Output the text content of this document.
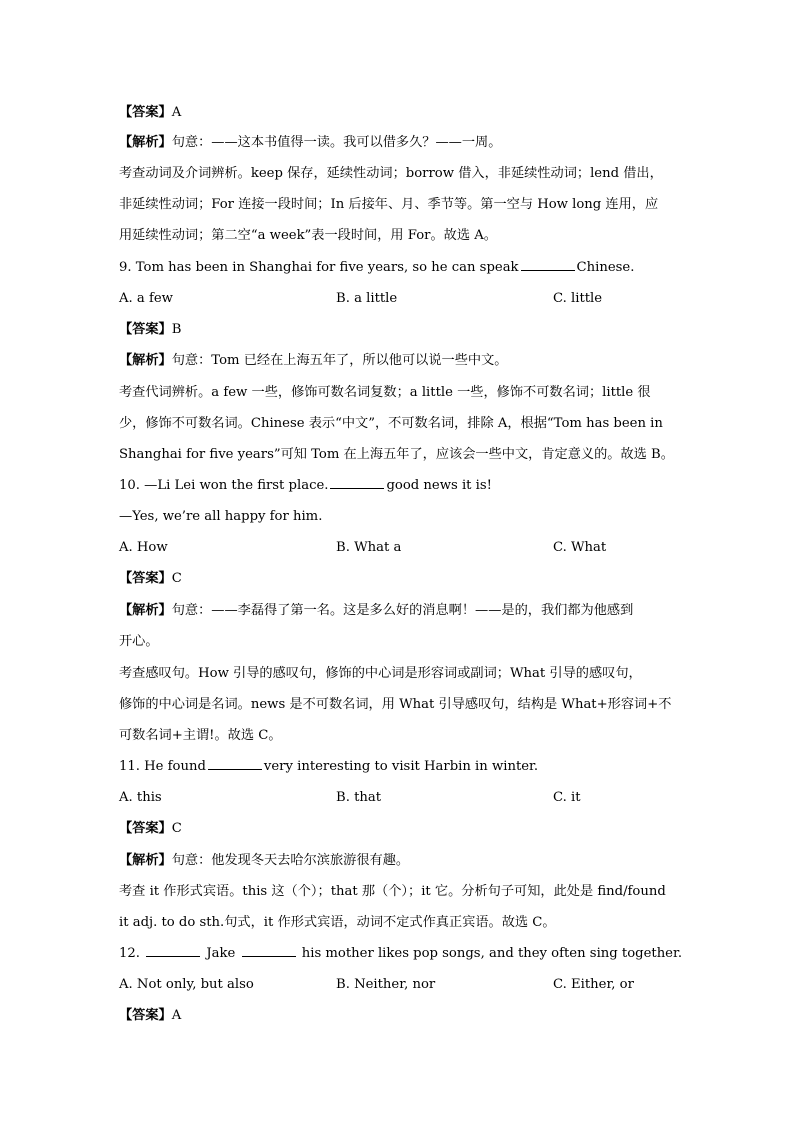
【答案】A
【解析】句意：——这本书值得一读。我可以借多久？——一周。
考查动词及介词辨析。keep 保存，延续性动词；borrow 借入，非延续性动词；lend 借出，
非延续性动词；For 连接一段时间；In 后接年、月、季节等。第一空与 How long 连用，应
用延续性动词；第二空“a week”表一段时间，用 For。故选 A。
9. Tom has been in Shanghai for five years, so he can speak	Chinese.
A. a few	B. a little	C. little
【答案】B
【解析】句意：Tom 已经在上海五年了，所以他可以说一些中文。
考查代词辨析。a few 一些，修饰可数名词复数；a little 一些，修饰不可数名词；little 很
少，修饰不可数名词。Chinese 表示“中文”，不可数名词，排除 A，根据“Tom has been in
Shanghai for five years”可知 Tom 在上海五年了，应该会一些中文，肯定意义的。故选 B。
10. —Li Lei won the first place.	good news it is!
—Yes, we’re all happy for him.
A. How	B. What a	C. What
【答案】C
【解析】句意：——李磊得了第一名。这是多么好的消息啊！——是的，我们都为他感到
开心。
考查感叹句。How 引导的感叹句，修饰的中心词是形容词或副词；What 引导的感叹句，
修饰的中心词是名词。news 是不可数名词，用 What 引导感叹句，结构是 What+形容词+不
可数名词+主谓!。故选 C。
11. He found	very interesting to visit Harbin in winter.
A. this	B. that	C. it
【答案】C
【解析】句意：他发现冬天去哈尔滨旅游很有趣。
考查 it 作形式宾语。this 这（个）；that 那（个）；it 它。分析句子可知，此处是 find/found
it adj. to do sth.句式，it 作形式宾语，动词不定式作真正宾语。故选 C。
12.	Jake	his mother likes pop songs, and they often sing together.
A. Not only, but also	B. Neither, nor	C. Either, or
【答案】A
